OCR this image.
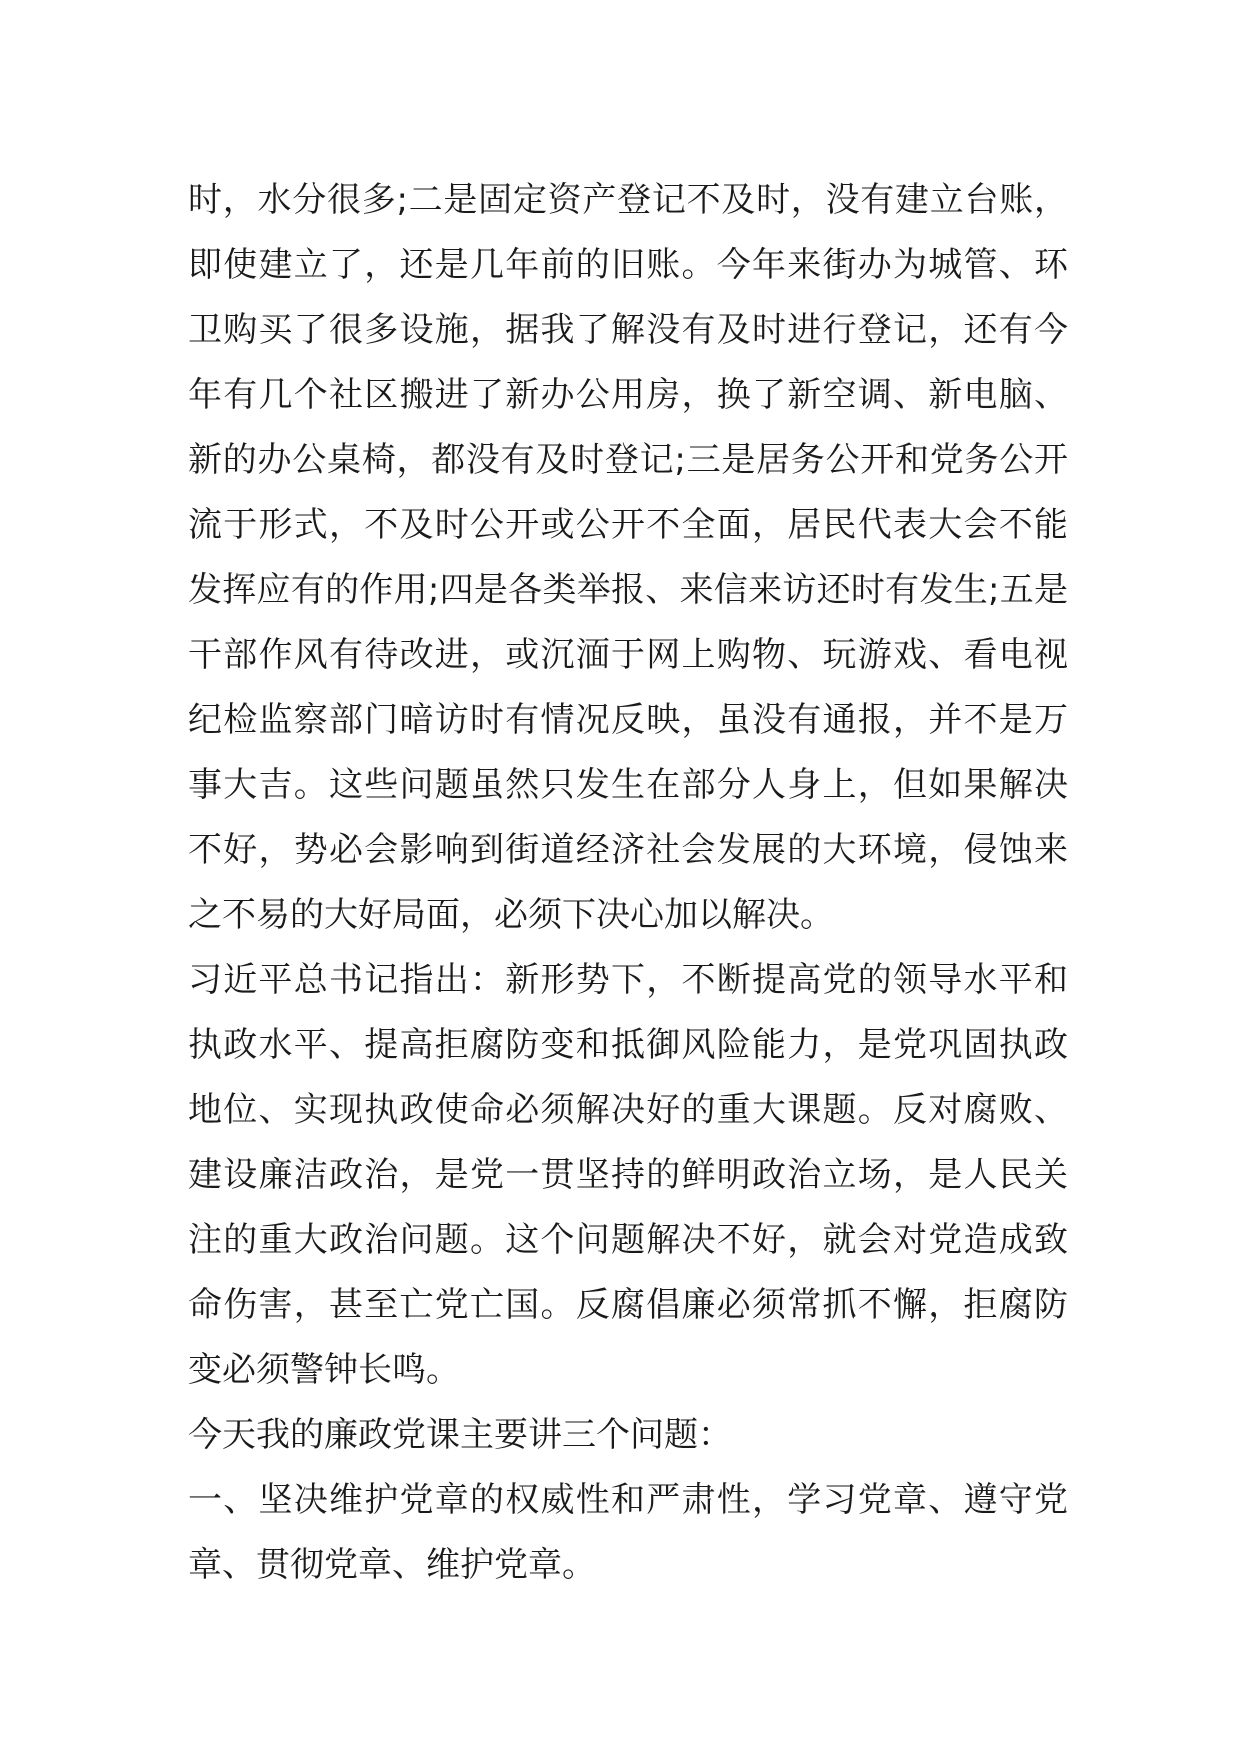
时，水分很多;二是固定资产登记不及时，没有建立台账，
即使建立了，还是几年前的旧账。今年来街办为城管、环
卫购买了很多设施，据我了解没有及时进行登记，还有今
年有几个社区搬进了新办公用房，换了新空调、新电脑、
新的办公桌椅，都没有及时登记;三是居务公开和党务公开
流于形式，不及时公开或公开不全面，居民代表大会不能
发挥应有的作用;四是各类举报、来信来访还时有发生;五是
干部作风有待改进，或沉湎于网上购物、玩游戏、看电视
纪检监察部门暗访时有情况反映，虽没有通报，并不是万
事大吉。这些问题虽然只发生在部分人身上，但如果解决
不好，势必会影响到街道经济社会发展的大环境，侵蚀来
之不易的大好局面，必须下决心加以解决。
习近平总书记指出：新形势下，不断提高党的领导水平和
执政水平、提高拒腐防变和抵御风险能力，是党巩固执政
地位、实现执政使命必须解决好的重大课题。反对腐败、
建设廉洁政治，是党一贯坚持的鲜明政治立场，是人民关
注的重大政治问题。这个问题解决不好，就会对党造成致
命伤害，甚至亡党亡国。反腐倡廉必须常抓不懈，拒腐防
变必须警钟长鸣。
今天我的廉政党课主要讲三个问题：
一、坚决维护党章的权威性和严肃性，学习党章、遵守党
章、贯彻党章、维护党章。
